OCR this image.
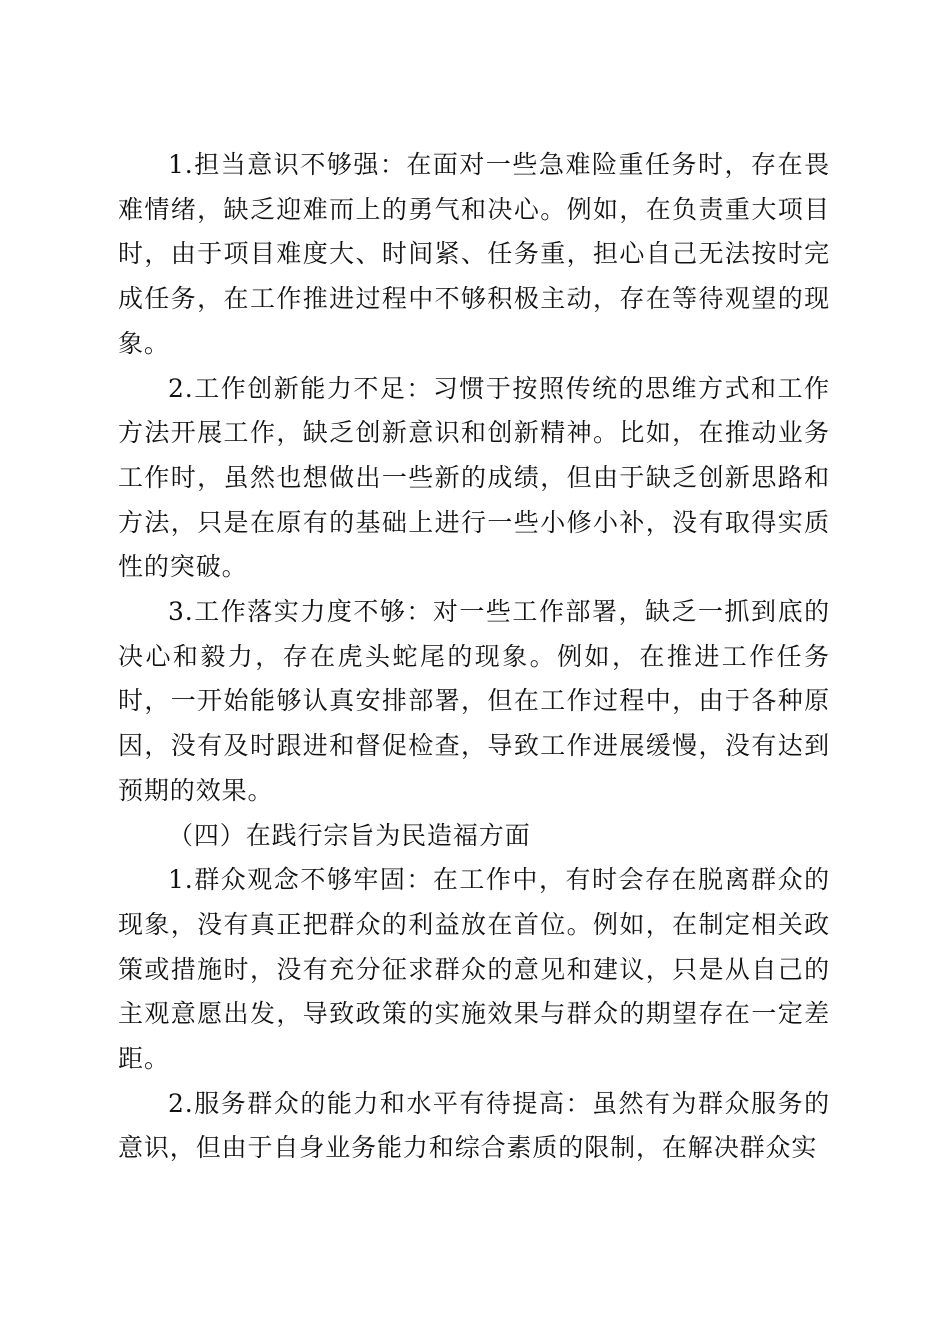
1.担当意识不够强：在面对一些急难险重任务时，存在畏难情绪，缺乏迎难而上的勇气和决心。例如，在负责重大项目时，由于项目难度大、时间紧、任务重，担心自己无法按时完成任务，在工作推进过程中不够积极主动，存在等待观望的现象。

2.工作创新能力不足：习惯于按照传统的思维方式和工作方法开展工作，缺乏创新意识和创新精神。比如，在推动业务工作时，虽然也想做出一些新的成绩，但由于缺乏创新思路和方法，只是在原有的基础上进行一些小修小补，没有取得实质性的突破。

3.工作落实力度不够：对一些工作部署，缺乏一抓到底的决心和毅力，存在虎头蛇尾的现象。例如，在推进工作任务时，一开始能够认真安排部署，但在工作过程中，由于各种原因，没有及时跟进和督促检查，导致工作进展缓慢，没有达到预期的效果。

（四）在践行宗旨为民造福方面

1.群众观念不够牢固：在工作中，有时会存在脱离群众的现象，没有真正把群众的利益放在首位。例如，在制定相关政策或措施时，没有充分征求群众的意见和建议，只是从自己的主观意愿出发，导致政策的实施效果与群众的期望存在一定差距。

2.服务群众的能力和水平有待提高：虽然有为群众服务的意识，但由于自身业务能力和综合素质的限制，在解决群众实
